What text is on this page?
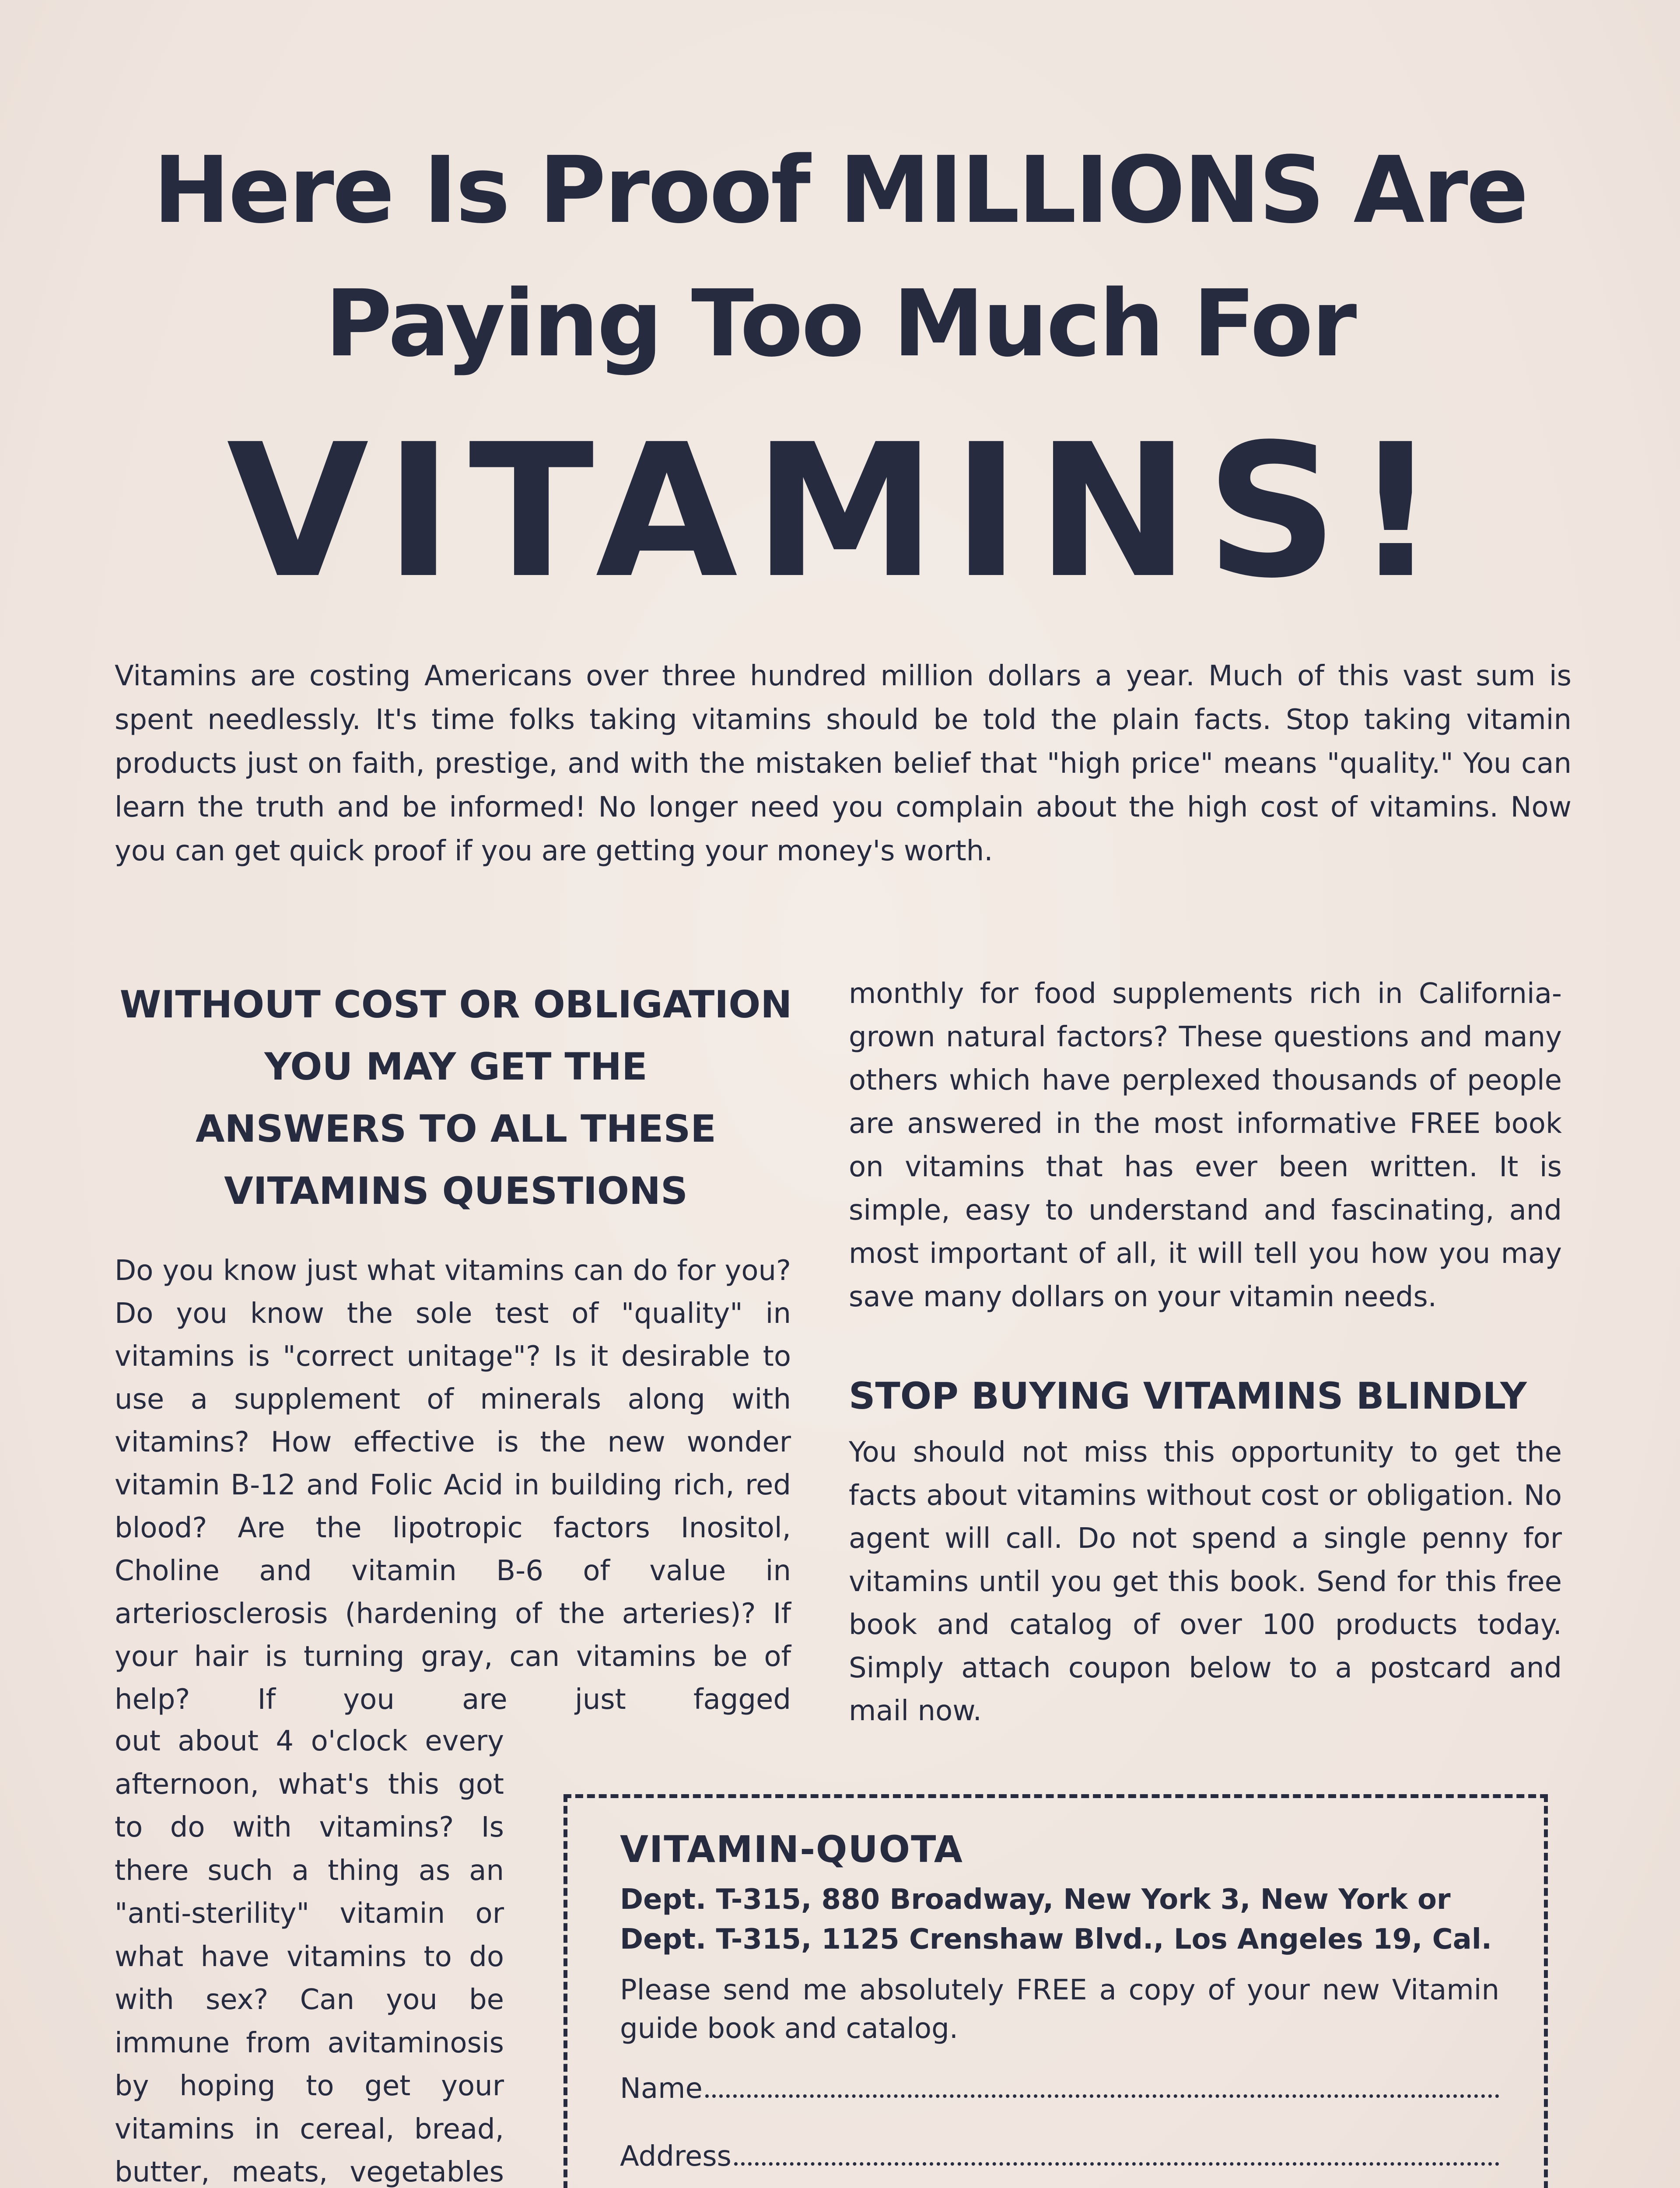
Here Is Proof MILLIONS Are
Paying Too Much For
VITAMINS!
Vitamins are costing Americans over three hundred million dollars a year. Much of this vast sum is spent needlessly. It's time folks taking vitamins should be told the plain facts. Stop taking vitamin products just on faith, prestige, and with the mistaken belief that "high price" means "quality." You can learn the truth and be informed! No longer need you complain about the high cost of vitamins. Now you can get quick proof if you are getting your money's worth.
WITHOUT COST OR OBLIGATION
YOU MAY GET THE
ANSWERS TO ALL THESE
VITAMINS QUESTIONS
Do you know just what vitamins can do for you? Do you know the sole test of "quality" in vitamins is "correct unitage"? Is it desirable to use a supplement of minerals along with vitamins? How effective is the new wonder vitamin B-12 and Folic Acid in building rich, red blood? Are the lipotropic factors Inositol, Choline and vitamin B-6 of value in arteriosclerosis (hardening of the arteries)? If your hair is turning gray, can vitamins be of help? If you are just fagged
out about 4 o'clock every afternoon, what's this got to do with vitamins? Is there such a thing as an "anti-sterility" vitamin or what have vitamins to do with sex? Can you be immune from avitaminosis by hoping to get your vitamins in cereal, bread, butter, meats, vegetables
monthly for food supplements rich in California-grown natural factors? These questions and many others which have perplexed thousands of people are answered in the most informative FREE book on vitamins that has ever been written. It is simple, easy to understand and fascinating, and most important of all, it will tell you how you may save many dollars on your vitamin needs.
STOP BUYING VITAMINS BLINDLY
You should not miss this opportunity to get the facts about vitamins without cost or obligation. No agent will call. Do not spend a single penny for vitamins until you get this book. Send for this free book and catalog of over 100 products today. Simply attach coupon below to a postcard and mail now.
VITAMIN-QUOTA
Dept. T-315, 880 Broadway, New York 3, New York or
Dept. T-315, 1125 Crenshaw Blvd., Los Angeles 19, Cal.
Please send me absolutely FREE a copy of your new Vitamin guide book and catalog.
Name
Address
